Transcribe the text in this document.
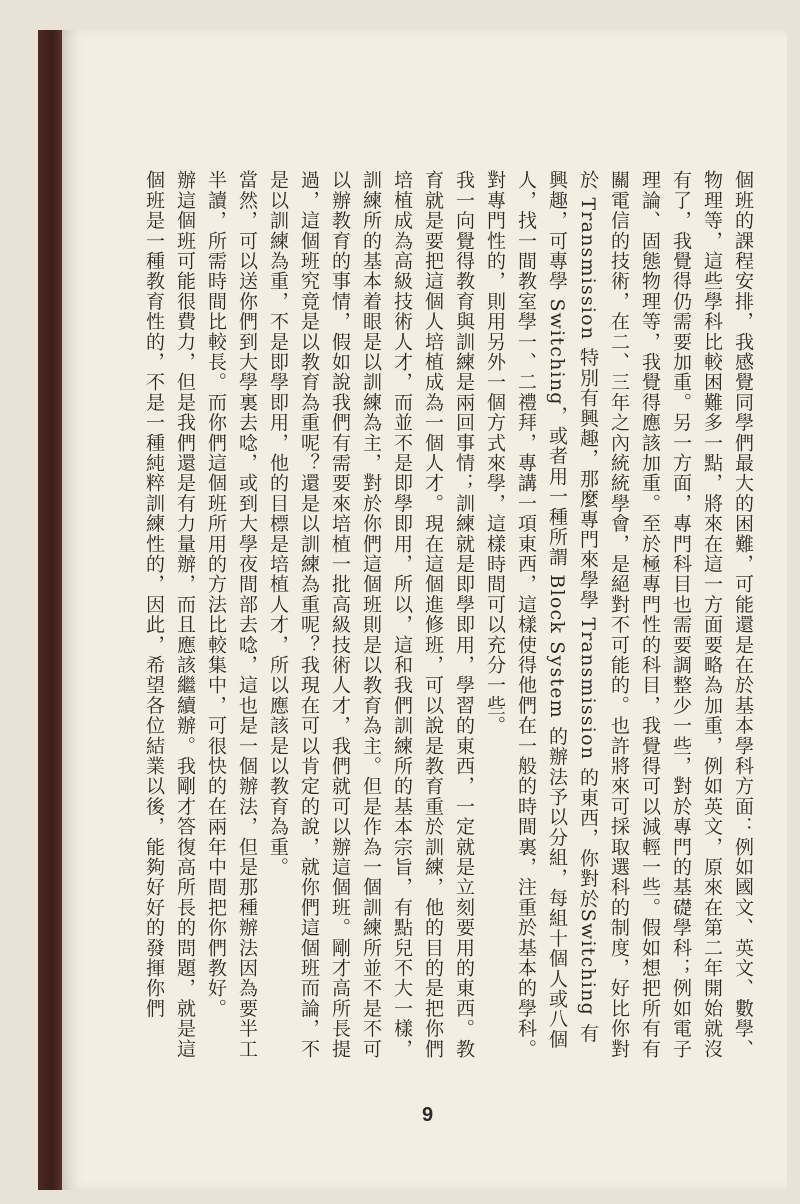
個班的課程安排，我感覺同學們最大的困難，可能還是在於基本學科方面：例如國文、英文、數學、物理等，這些學科比較困難多一點，將來在這一方面要略為加重，例如英文，原來在第二年開始就沒有了，我覺得仍需要加重。另一方面，專門科目也需要調整少一些，對於專門的基礎學科；例如電子理論、固態物理等，我覺得應該加重。至於極專門性的科目，我覺得可以減輕一些。假如想把所有有關電信的技術，在二、三年之內統統學會，是絕對不可能的。也許將來可採取選科的制度，好比你對於 Transmission 特別有興趣，那麼專門來學學 Transmission 的東西，你對於Switching 有興趣，可專學 Switching，或者用一種所謂 Block System 的辦法予以分組，每組十個人或八個人，找一間教室學一、二禮拜，專講一項東西，這樣使得他們在一般的時間裏，注重於基本的學科。對專門性的，則用另外一個方式來學，這樣時間可以充分一些。
我一向覺得教育與訓練是兩回事情；訓練就是即學即用，學習的東西，一定就是立刻要用的東西。教育就是要把這個人培植成為一個人才。現在這個進修班，可以說是教育重於訓練，他的目的是把你們培植成為高級技術人才，而並不是即學即用，所以，這和我們訓練所的基本宗旨，有點兒不大一樣，訓練所的基本着眼是以訓練為主，對於你們這個班則是以教育為主。但是作為一個訓練所並不是不可以辦教育的事情，假如說我們有需要來培植一批高級技術人才，我們就可以辦這個班。剛才高所長提過，這個班究竟是以教育為重呢？還是以訓練為重呢？我現在可以肯定的說，就你們這個班而論，不是以訓練為重，不是即學即用，他的目標是培植人才，所以應該是以教育為重。
當然，可以送你們到大學裏去唸，或到大學夜間部去唸，這也是一個辦法，但是那種辦法因為要半工半讀，所需時間比較長。而你們這個班所用的方法比較集中，可很快的在兩年中間把你們教好。
辦這個班可能很費力，但是我們還是有力量辦，而且應該繼續辦。我剛才答復高所長的問題，就是這個班是一種教育性的，不是一種純粹訓練性的，因此，希望各位結業以後，能夠好好的發揮你們
9
